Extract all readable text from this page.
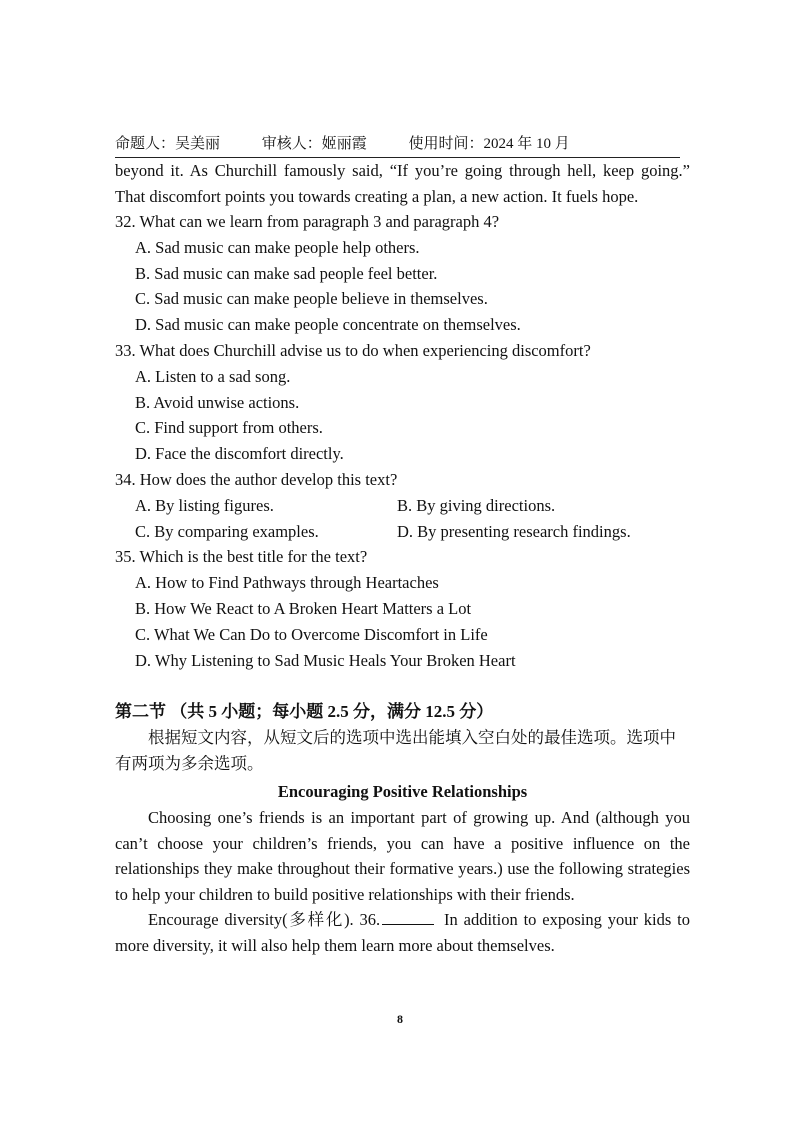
命题人：吴美丽	审核人：姬丽霞	使用时间：2024 年 10 月

beyond it. As Churchill famously said, “If you’re going through hell, keep going.” That discomfort points you towards creating a plan, a new action. It fuels hope.

32. What can we learn from paragraph 3 and paragraph 4?

A. Sad music can make people help others.

B. Sad music can make sad people feel better.

C. Sad music can make people believe in themselves.

D. Sad music can make people concentrate on themselves.

33. What does Churchill advise us to do when experiencing discomfort?

A. Listen to a sad song.

B. Avoid unwise actions.

C. Find support from others.

D. Face the discomfort directly.

34. How does the author develop this text?

A. By listing figures.	B. By giving directions.
C. By comparing examples.	D. By presenting research findings.

35. Which is the best title for the text?

A. How to Find Pathways through Heartaches

B. How We React to A Broken Heart Matters a Lot

C. What We Can Do to Overcome Discomfort in Life

D. Why Listening to Sad Music Heals Your Broken Heart

第二节 （共 5 小题；每小题 2.5 分，满分 12.5 分）

根据短文内容，从短文后的选项中选出能填入空白处的最佳选项。选项中有两项为多余选项。

Encouraging Positive Relationships

Choosing one’s friends is an important part of growing up. And (although you can’t choose your children’s friends, you can have a positive influence on the relationships they make throughout their formative years.) use the following strategies to help your children to build positive relationships with their friends.

Encourage diversity(多样化). 36.	In addition to exposing your kids to more diversity, it will also help them learn more about themselves.

8
